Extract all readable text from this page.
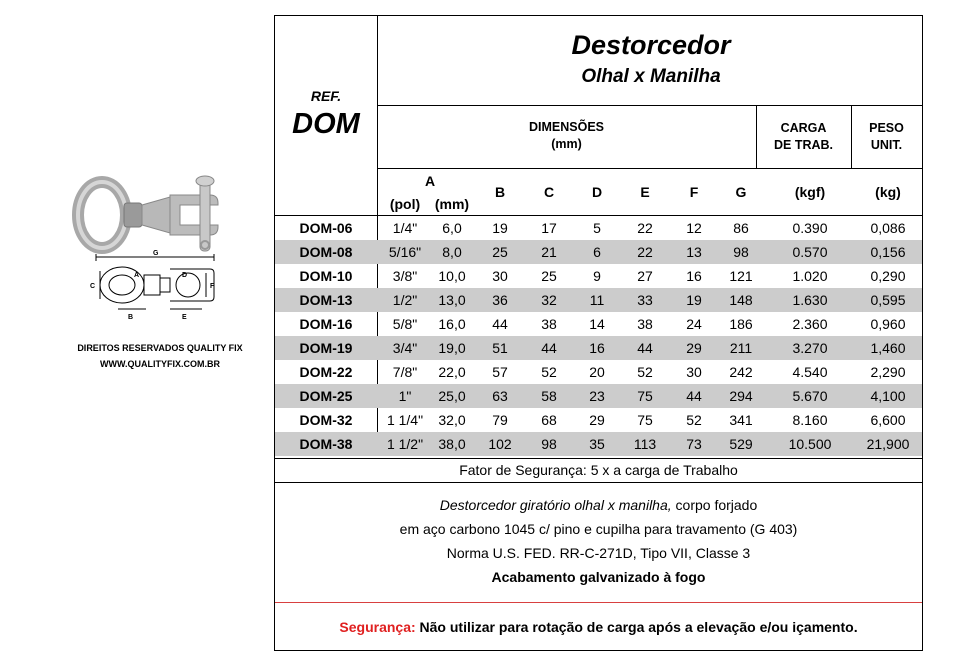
G
A
C
B
D
F
E
DIREITOS RESERVADOS QUALITY FIX
WWW.QUALITYFIX.COM.BR
REF.
DOM
Destorcedor
Olhal x Manilha
DIMENSÕES
(mm)
CARGA
DE TRAB.
PESO
UNIT.
A
(pol)	(mm)
B	C	D	E	F	G	(kgf)	(kg)
DOM-06	1/4"	6,0	19	17	5	22	12	86	0.390	0,086
DOM-08	5/16"	8,0	25	21	6	22	13	98	0.570	0,156
DOM-10	3/8"	10,0	30	25	9	27	16	121	1.020	0,290
DOM-13	1/2"	13,0	36	32	11	33	19	148	1.630	0,595
DOM-16	5/8"	16,0	44	38	14	38	24	186	2.360	0,960
DOM-19	3/4"	19,0	51	44	16	44	29	211	3.270	1,460
DOM-22	7/8"	22,0	57	52	20	52	30	242	4.540	2,290
DOM-25	1"	25,0	63	58	23	75	44	294	5.670	4,100
DOM-32	1 1/4"	32,0	79	68	29	75	52	341	8.160	6,600
DOM-38	1 1/2"	38,0	102	98	35	113	73	529	10.500	21,900
Fator de Segurança: 5 x a carga de Trabalho
Destorcedor giratório olhal x manilha, corpo forjado
em aço carbono 1045 c/ pino e cupilha para travamento (G 403)
Norma U.S. FED. RR-C-271D, Tipo VII, Classe 3
Acabamento galvanizado à fogo

Segurança: Não utilizar para rotação de carga após a elevação e/ou içamento.
